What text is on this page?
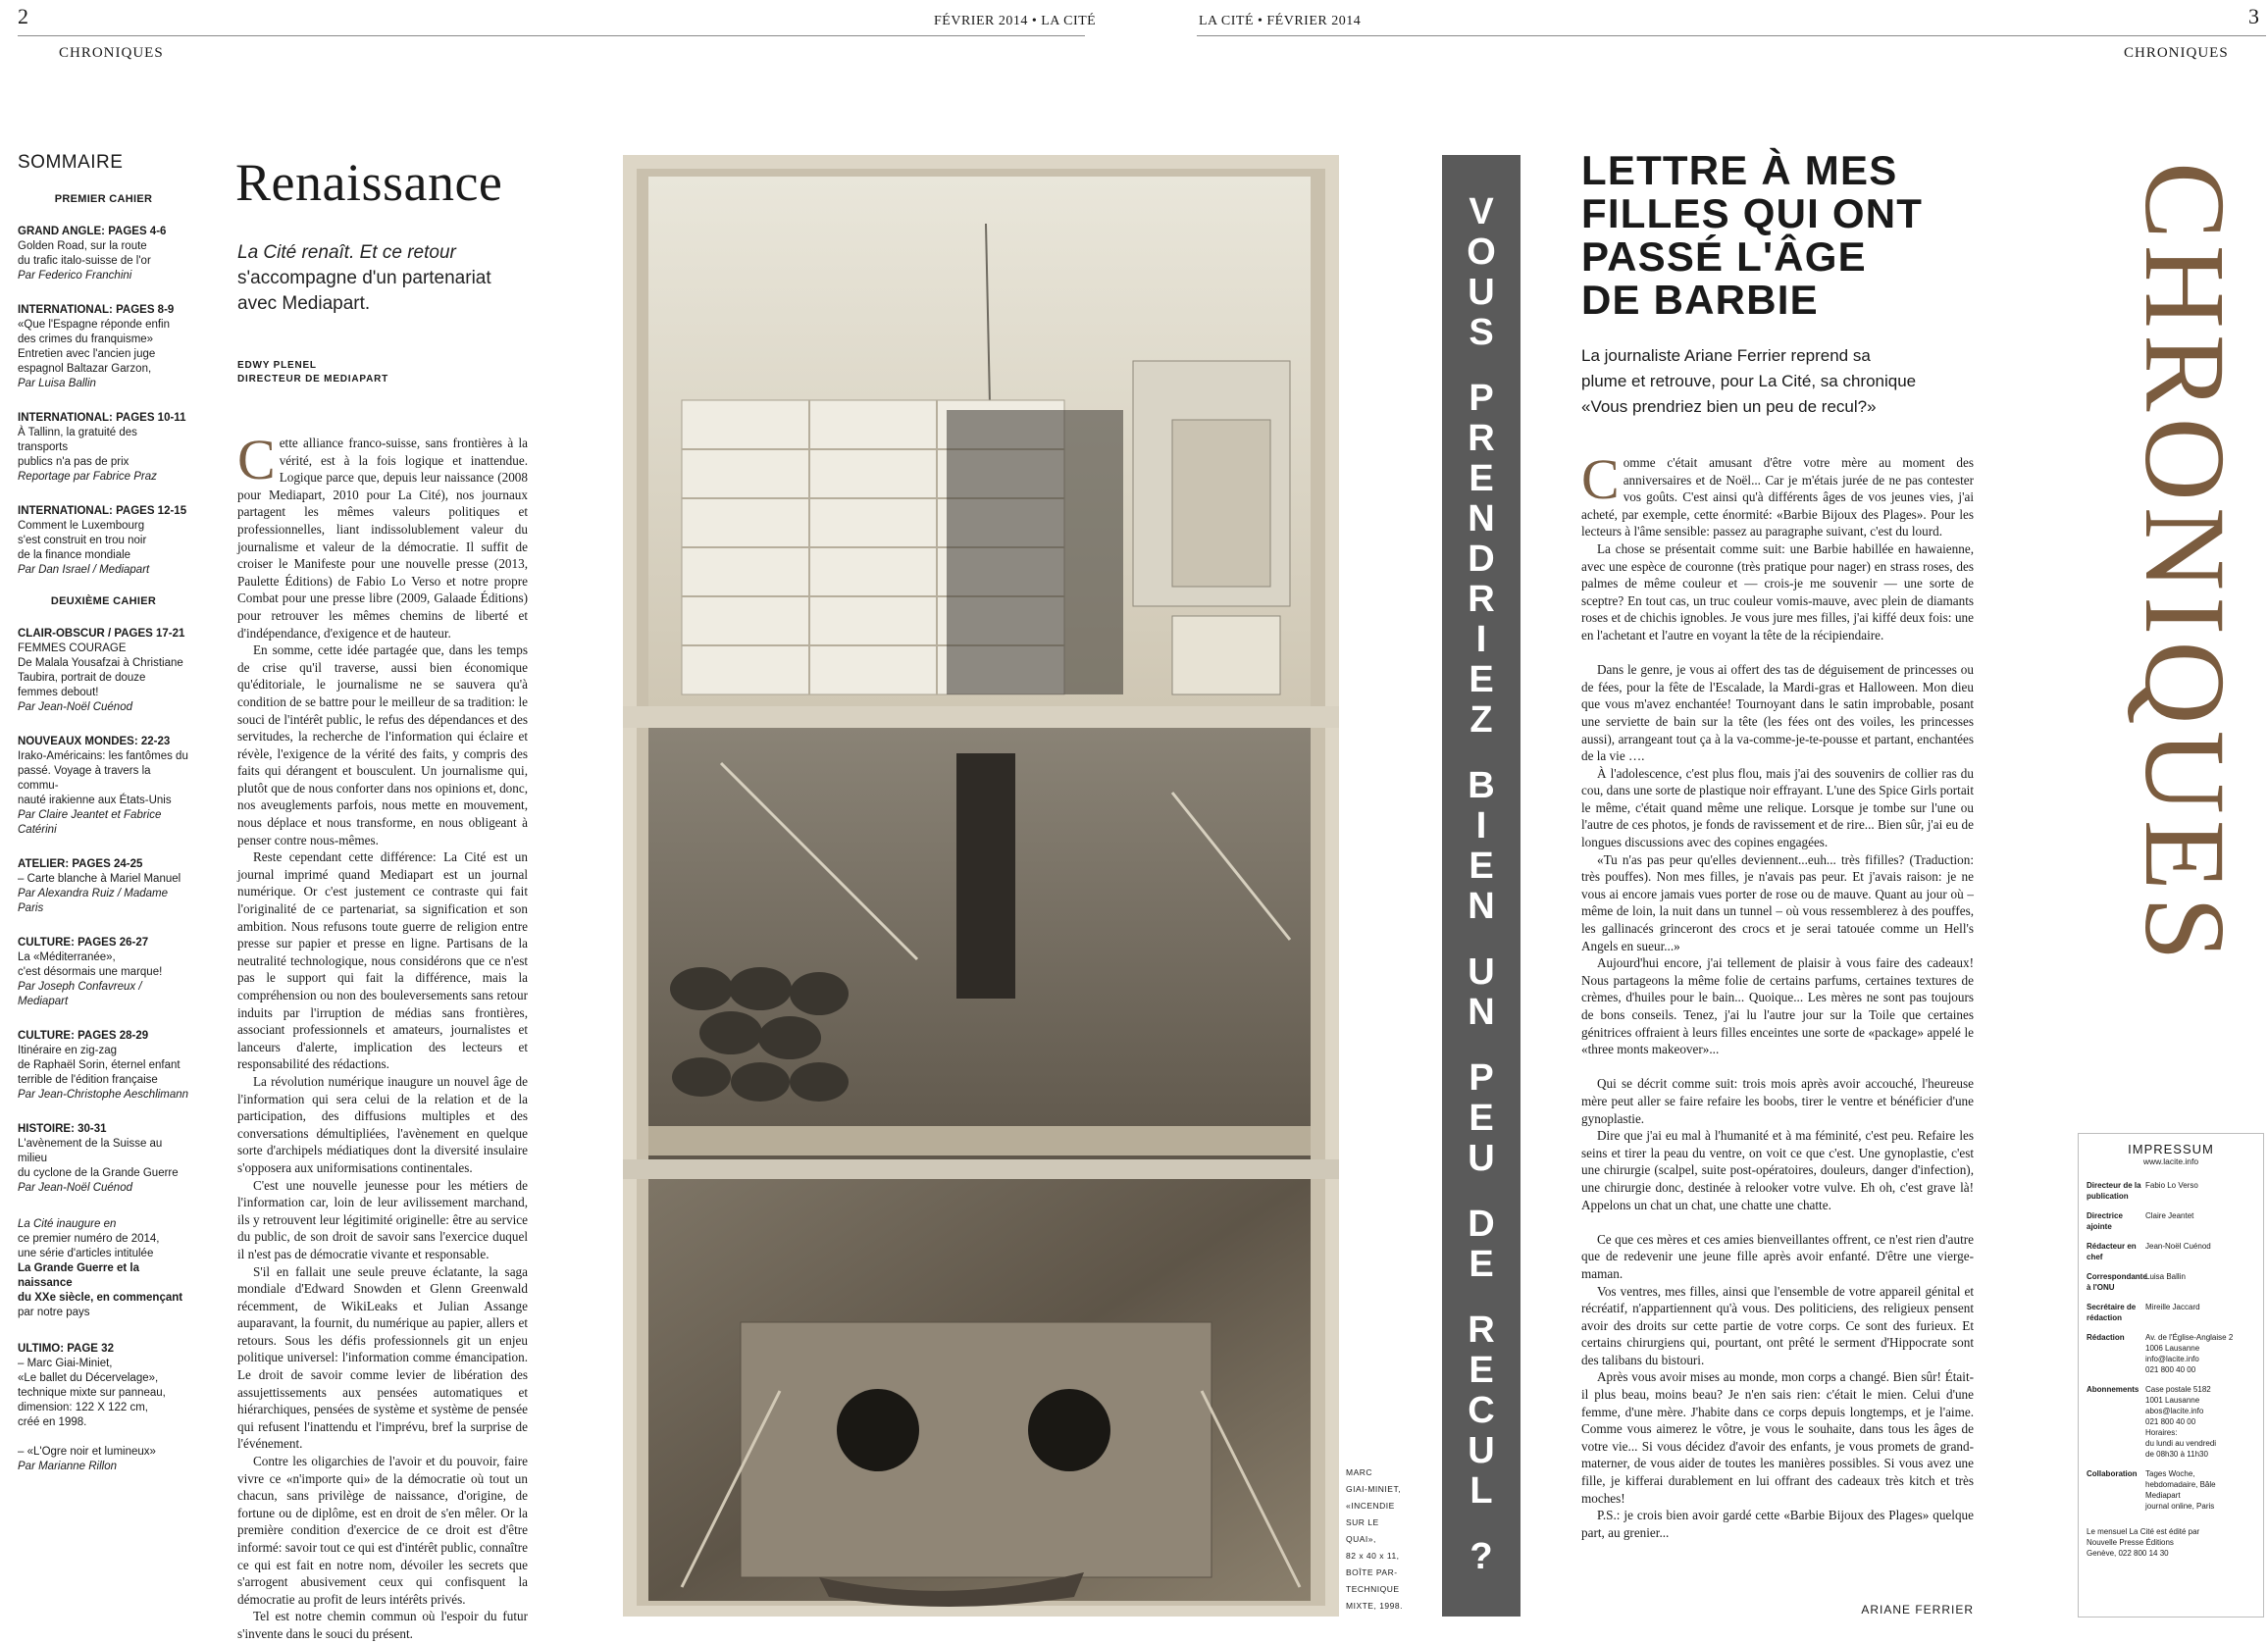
2	FÉVRIER 2014 • LA CITÉ
CHRONIQUES
LA CITÉ • FÉVRIER 2014	3
CHRONIQUES
SOMMAIRE
PREMIER CAHIER
GRAND ANGLE: PAGES 4-6
Golden Road, sur la route
du trafic italo-suisse de l'or
Par Federico Franchini
INTERNATIONAL: PAGES 8-9
«Que l'Espagne réponde enfin
des crimes du franquisme»
Entretien avec l'ancien juge
espagnol Baltazar Garzon,
Par Luisa Ballin
INTERNATIONAL: PAGES 10-11
À Tallinn, la gratuité des transports
publics n'a pas de prix
Reportage par Fabrice Praz
INTERNATIONAL: PAGES 12-15
Comment le Luxembourg
s'est construit en trou noir
de la finance mondiale
Par Dan Israel / Mediapart
DEUXIÈME CAHIER
CLAIR-OBSCUR / PAGES 17-21
FEMMES COURAGE
De Malala Yousafzai à Christiane
Taubira, portrait de douze
femmes debout!
Par Jean-Noël Cuénod
NOUVEAUX MONDES: 22-23
Irako-Américains: les fantômes du
passé. Voyage à travers la commu-
nauté irakienne aux États-Unis
Par Claire Jeantet et Fabrice Catérini
ATELIER: PAGES 24-25
– Carte blanche à Mariel Manuel
Par Alexandra Ruiz / Madame Paris
CULTURE: PAGES 26-27
La «Méditerranée»,
c'est désormais une marque!
Par Joseph Confavreux / Mediapart
CULTURE: PAGES 28-29
Itinéraire en zig-zag
de Raphaël Sorin, éternel enfant
terrible de l'édition française
Par Jean-Christophe Aeschlimann
HISTOIRE: 30-31
L'avènement de la Suisse au milieu
du cyclone de la Grande Guerre
Par Jean-Noël Cuénod
La Cité inaugure en
ce premier numéro de 2014,
une série d'articles intitulée
La Grande Guerre et la naissance
du XXe siècle, en commençant
par notre pays
ULTIMO: PAGE 32
– Marc Giai-Miniet,
«Le ballet du Décervelage»,
technique mixte sur panneau,
dimension: 122 X 122 cm,
créé en 1998.
– «L'Ogre noir et lumineux»
Par Marianne Rillon
Renaissance
La Cité renaît. Et ce retour
s'accompagne d'un partenariat
avec Mediapart.
EDWY PLENEL
DIRECTEUR DE MEDIAPART

Cette alliance franco-suisse, sans frontières à la vérité, est à la fois logique et inattendue. Logique parce que, depuis leur naissance (2008 pour Mediapart, 2010 pour La Cité), nos journaux partagent les mêmes valeurs politiques et professionnelles, liant indissolublement valeur du journalisme et valeur de la démocratie. Il suffit de croiser le Manifeste pour une nouvelle presse (2013, Paulette Éditions) de Fabio Lo Verso et notre propre Combat pour une presse libre (2009, Galaade Éditions) pour retrouver les mêmes chemins de liberté et d'indépendance, d'exigence et de hauteur.

En somme, cette idée partagée que, dans les temps de crise qu'il traverse, aussi bien économique qu'éditoriale, le journalisme ne se sauvera qu'à condition de se battre pour le meilleur de sa tradition: le souci de l'intérêt public, le refus des dépendances et des servitudes, la recherche de l'information qui éclaire et révèle, l'exigence de la vérité des faits, y compris des faits qui dérangent et bousculent. Un journalisme qui, plutôt que de nous conforter dans nos opinions et, donc, nos aveuglements parfois, nous mette en mouvement, nous déplace et nous transforme, en nous obligeant à penser contre nous-mêmes.

Reste cependant cette différence: La Cité est un journal imprimé quand Mediapart est un journal numérique. Or c'est justement ce contraste qui fait l'originalité de ce partenariat, sa signification et son ambition. Nous refusons toute guerre de religion entre presse sur papier et presse en ligne. Partisans de la neutralité technologique, nous considérons que ce n'est pas le support qui fait la différence, mais la compréhension ou non des bouleversements sans retour induits par l'irruption de médias sans frontières, associant professionnels et amateurs, journalistes et lanceurs d'alerte, implication des lecteurs et responsabilité des rédactions.

La révolution numérique inaugure un nouvel âge de l'information qui sera celui de la relation et de la participation, des diffusions multiples et des conversations démultipliées, l'avènement en quelque sorte d'archipels médiatiques dont la diversité insulaire s'opposera aux uniformisations continentales.

C'est une nouvelle jeunesse pour les métiers de l'information car, loin de leur avilissement marchand, ils y retrouvent leur légitimité originelle: être au service du public, de son droit de savoir sans l'exercice duquel il n'est pas de démocratie vivante et responsable.

S'il en fallait une seule preuve éclatante, la saga mondiale d'Edward Snowden et Glenn Greenwald récemment, de WikiLeaks et Julian Assange auparavant, la fournit, du numérique au papier, allers et retours. Sous les défis professionnels git un enjeu politique universel: l'information comme émancipation. Le droit de savoir comme levier de libération des assujettissements aux pensées automatiques et hiérarchiques, pensées de système et système de pensée qui refusent l'inattendu et l'imprévu, bref la surprise de l'événement.

Contre les oligarchies de l'avoir et du pouvoir, faire vivre ce «n'importe qui» de la démocratie où tout un chacun, sans privilège de naissance, d'origine, de fortune ou de diplôme, est en droit de s'en mêler. Or la première condition d'exercice de ce droit est d'être informé: savoir tout ce qui est d'intérêt public, connaître ce qui est fait en notre nom, dévoiler les secrets que s'arrogent abusivement ceux qui confisquent la démocratie au profit de leurs intérêts privés.

Tel est notre chemin commun où l'espoir du futur s'invente dans le souci du présent.

MARC
GIAI-MINIET,
«INCENDIE
SUR LE
QUAI»,
82 x 40 x 11,
BOÎTE PAR-
TECHNIQUE
MIXTE, 1998.
V
O
U
S
P
R
E
N
D
R
I
E
Z
B
I
E
N
U
N
P
E
U
D
E
R
E
C
U
L
?
LETTRE À MES
FILLES QUI ONT
PASSÉ L'ÂGE
DE BARBIE
La journaliste Ariane Ferrier reprend sa
plume et retrouve, pour La Cité, sa chronique
«Vous prendriez bien un peu de recul?»

Comme c'était amusant d'être votre mère au moment des anniversaires et de Noël... Car je m'étais jurée de ne pas contester vos goûts. C'est ainsi qu'à différents âges de vos jeunes vies, j'ai acheté, par exemple, cette énormité: «Barbie Bijoux des Plages». Pour les lecteurs à l'âme sensible: passez au paragraphe suivant, c'est du lourd.

La chose se présentait comme suit: une Barbie habillée en hawaienne, avec une espèce de couronne (très pratique pour nager) en strass roses, des palmes de même couleur et — crois-je me souvenir — une sorte de sceptre? En tout cas, un truc couleur vomis-mauve, avec plein de diamants roses et de chichis ignobles. Je vous jure mes filles, j'ai kiffé deux fois: une en l'achetant et l'autre en voyant la tête de la récipiendaire.

Dans le genre, je vous ai offert des tas de déguisement de princesses ou de fées, pour la fête de l'Escalade, la Mardi-gras et Halloween. Mon dieu que vous m'avez enchantée! Tournoyant dans le satin improbable, posant une serviette de bain sur la tête (les fées ont des voiles, les princesses aussi), arrangeant tout ça à la va-comme-je-te-pousse et partant, enchantées de la vie ….

À l'adolescence, c'est plus flou, mais j'ai des souvenirs de collier ras du cou, dans une sorte de plastique noir effrayant. L'une des Spice Girls portait le même, c'était quand même une relique. Lorsque je tombe sur l'une ou l'autre de ces photos, je fonds de ravissement et de rire... Bien sûr, j'ai eu de longues discussions avec des copines engagées.

«Tu n'as pas peur qu'elles deviennent...euh... très fifilles? (Traduction: très pouffes). Non mes filles, je n'avais pas peur. Et j'avais raison: je ne vous ai encore jamais vues porter de rose ou de mauve. Quant au jour où – même de loin, la nuit dans un tunnel – où vous ressemblerez à des pouffes, les gallinacés grinceront des crocs et je serai tatouée comme un Hell's Angels en sueur...»

Aujourd'hui encore, j'ai tellement de plaisir à vous faire des cadeaux! Nous partageons la même folie de certains parfums, certaines textures de crèmes, d'huiles pour le bain... Quoique... Les mères ne sont pas toujours de bons conseils. Tenez, j'ai lu l'autre jour sur la Toile que certaines génitrices offraient à leurs filles enceintes une sorte de «package» appelé le «three monts makeover»...

Qui se décrit comme suit: trois mois après avoir accouché, l'heureuse mère peut aller se faire refaire les boobs, tirer le ventre et bénéficier d'une gynoplastie.

Dire que j'ai eu mal à l'humanité et à ma féminité, c'est peu. Refaire les seins et tirer la peau du ventre, on voit ce que c'est. Une gynoplastie, c'est une chirurgie (scalpel, suite post-opératoires, douleurs, danger d'infection), une chirurgie donc, destinée à relooker votre vulve. Eh oh, c'est grave là! Appelons un chat un chat, une chatte une chatte.

Ce que ces mères et ces amies bienveillantes offrent, ce n'est rien d'autre que de redevenir une jeune fille après avoir enfanté. D'être une vierge-maman.

Vos ventres, mes filles, ainsi que l'ensemble de votre appareil génital et récréatif, n'appartiennent qu'à vous. Des politiciens, des religieux pensent avoir des droits sur cette partie de votre corps. Ce sont des furieux. Et certains chirurgiens qui, pourtant, ont prêté le serment d'Hippocrate sont des talibans du bistouri.

Après vous avoir mises au monde, mon corps a changé. Bien sûr! Était-il plus beau, moins beau? Je n'en sais rien: c'était le mien. Celui d'une femme, d'une mère. J'habite dans ce corps depuis longtemps, et je l'aime. Comme vous aimerez le vôtre, je vous le souhaite, dans tous les âges de votre vie... Si vous décidez d'avoir des enfants, je vous promets de grand-materner, de vous aider de toutes les manières possibles. Si vous avez une fille, je kifferai durablement en lui offrant des cadeaux très kitch et très moches!

P.S.: je crois bien avoir gardé cette «Barbie Bijoux des Plages» quelque part, au grenier...

ARIANE FERRIER
CHRONIQUES
IMPRESSUM
www.lacite.info
Directeur de la publication
Fabio Lo Verso
Directrice ajointe
Claire Jeantet
Rédacteur en chef
Jean-Noël Cuénod
Correspondante à l'ONU
Luisa Ballin
Secrétaire de rédaction
Mireille Jaccard
Rédaction	Av. de l'Église-Anglaise 2
1006 Lausanne
info@lacite.info
021 800 40 00
Abonnements Case postale 5182
1001 Lausanne
abos@lacite.info
021 800 40 00
Horaires:
du lundi au vendredi
de 08h30 à 11h30
Collaboration	Tages Woche,
hebdomadaire, Bâle
Mediapart
journal online, Paris
Le mensuel La Cité est édité par
Nouvelle Presse Éditions
Genève, 022 800 14 30
